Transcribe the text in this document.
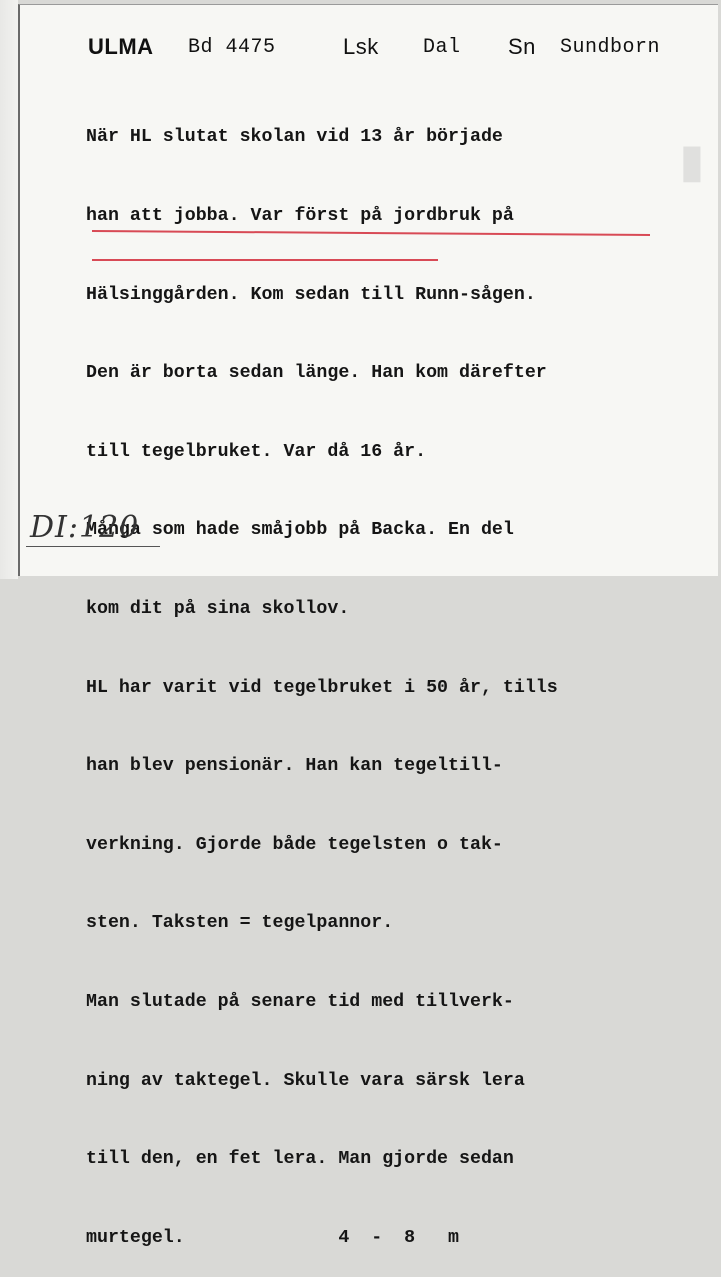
▮
ULMA Bd 4475	Lsk Dal Sn Sundborn

När HL slutat skolan vid 13 år började

han att jobba. Var först på jordbruk på

Hälsinggården. Kom sedan till Runn-sågen.

Den är borta sedan länge. Han kom därefter

till tegelbruket. Var då 16 år.

Många som hade småjobb på Backa. En del

kom dit på sina skollov.

HL har varit vid tegelbruket i 50 år, tills

han blev pensionär. Han kan tegeltill-

verkning. Gjorde både tegelsten o tak-

sten. Taksten = tegelpannor.

Man slutade på senare tid med tillverk-

ning av taktegel. Skulle vara särsk lera

till den, en fet lera. Man gjorde sedan

murtegel.              4  -  8   m

DI:120
